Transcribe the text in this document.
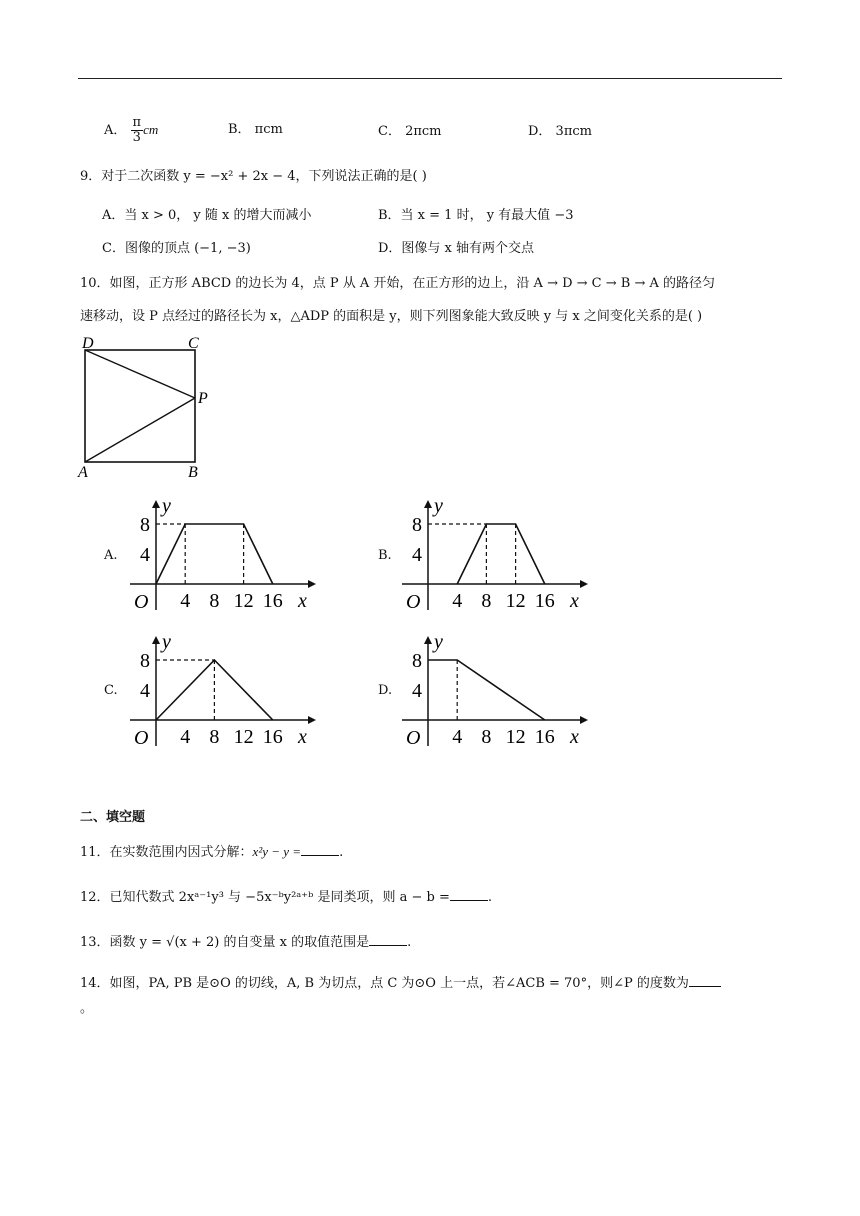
A． $\frac{\pi}{3}$ cm	B． πcm	C． 2πcm	D． 3πcm
9．对于二次函数 y = −x² + 2x − 4，下列说法正确的是( )
A．当 x > 0， y 随 x 的增大而减小	B．当 x = 1 时， y 有最大值 −3
C．图像的顶点 (−1, −3)	D．图像与 x 轴有两个交点
10．如图，正方形 ABCD 的边长为 4，点 P 从 A 开始，在正方形的边上，沿 A → D → C → B → A 的路径匀
速移动，设 P 点经过的路径长为 x，△ADP 的面积是 y，则下列图象能大致反映 y 与 x 之间变化关系的是( )
D	C
P
A	B
A.	B.
C.	D.
x
y
O 4 8 12 16
4
8
x
y
O 4 8 12 16
4
8
x
y
O 4 8 12 16
4
8
x
y
O 4 8 12 16
4
8
二、填空题
11．在实数范围内因式分解：x²y − y =	.
12．已知代数式 2xᵃ⁻¹y³ 与 −5x⁻ᵇy²ᵃ⁺ᵇ 是同类项，则 a − b =	.
13．函数 y = √(x + 2) 的自变量 x 的取值范围是	.
14．如图，PA, PB 是⊙O 的切线，A, B 为切点，点 C 为⊙O 上一点，若∠ACB = 70°，则∠P 的度数为
。
